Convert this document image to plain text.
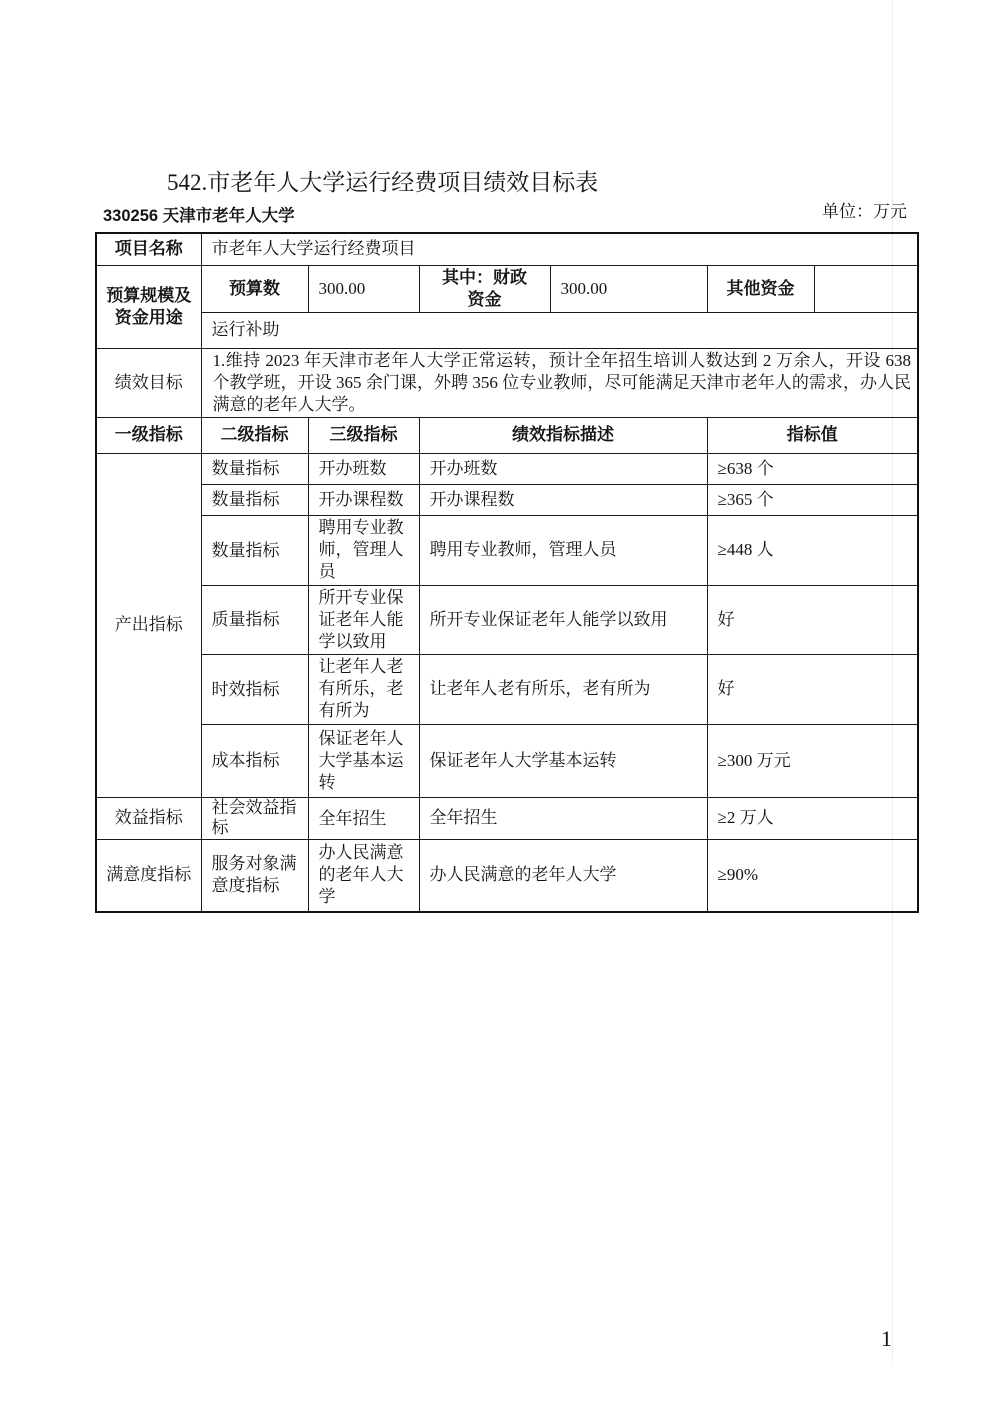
542.市老年人大学运行经费项目绩效目标表
330256 天津市老年人大学	单位：万元
项目名称	市老年人大学运行经费项目					
预算规模及资金用途	预算数	300.00	其中：财政资金	300.00	其他资金	
	运行补助					
绩效目标	1.维持 2023 年天津市老年人大学正常运转，预计全年招生培训人数达到 2 万余人，开设 638 个教学班，开设 365 余门课，外聘 356 位专业教师，尽可能满足天津市老年人的需求，办人民满意的老年人大学。					
一级指标	二级指标	三级指标	绩效指标描述		指标值	
产出指标	数量指标	开办班数	开办班数		≥638 个	
	数量指标	开办课程数	开办课程数		≥365 个	
	数量指标	聘用专业教师，管理人员	聘用专业教师，管理人员		≥448 人	
	质量指标	所开专业保证老年人能学以致用	所开专业保证老年人能学以致用		好	
	时效指标	让老年人老有所乐，老有所为	让老年人老有所乐，老有所为		好	
	成本指标	保证老年人大学基本运转	保证老年人大学基本运转		≥300 万元	
效益指标	社会效益指标	全年招生	全年招生		≥2 万人	
满意度指标	服务对象满意度指标	办人民满意的老年人大学	办人民满意的老年人大学		≥90%	
1
